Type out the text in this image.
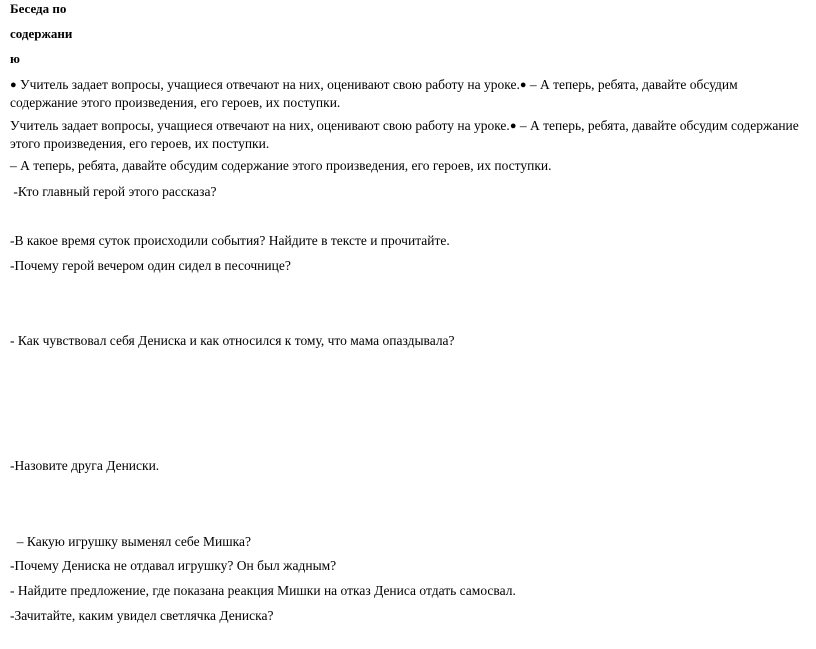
Беседа по
содержани
ю
● Учитель задает вопросы, учащиеся отвечают на них, оценивают свою работу на уроке.● – А теперь, ребята, давайте обсудим содержание этого произведения, его героев, их поступки.
Учитель задает вопросы, учащиеся отвечают на них, оценивают свою работу на уроке.● – А теперь, ребята, давайте обсудим содержание этого произведения, его героев, их поступки.
– А теперь, ребята, давайте обсудим содержание этого произведения, его героев, их поступки.
-Кто главный герой этого рассказа?
-В какое время суток происходили события? Найдите в тексте и прочитайте.
-Почему герой вечером один сидел в песочнице?
- Как чувствовал себя Дениска и как относился к тому, что мама опаздывала?
-Назовите друга Дениски.
– Какую игрушку выменял себе Мишка?
-Почему Дениска не отдавал игрушку? Он был жадным?
- Найдите предложение, где показана реакция Мишки на отказ Дениса отдать самосвал.
-Зачитайте, каким увидел светлячка Дениска?
